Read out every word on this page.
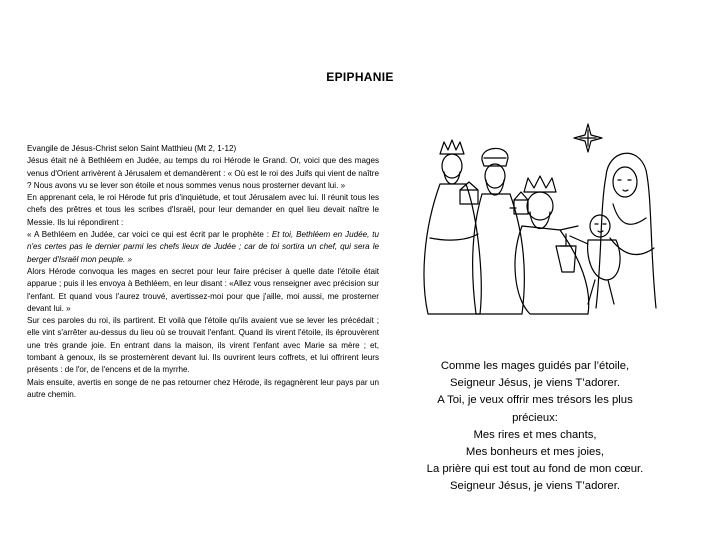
EPIPHANIE

Evangile de Jésus-Christ selon Saint Matthieu (Mt 2, 1-12)

Jésus était né à Bethléem en Judée, au temps du roi Hérode le Grand. Or, voici que des mages venus d'Orient arrivèrent à Jérusalem et demandèrent : « Où est le roi des Juifs qui vient de naître ? Nous avons vu se lever son étoile et nous sommes venus nous prosterner devant lui. »

En apprenant cela, le roi Hérode fut pris d'inquiétude, et tout Jérusalem avec lui. Il réunit tous les chefs des prêtres et tous les scribes d'Israël, pour leur demander en quel lieu devait naître le Messie. Ils lui répondirent :

« A Bethléem en Judée, car voici ce qui est écrit par le prophète : Et toi, Bethléem en Judée, tu n'es certes pas le dernier parmi les chefs lieux de Judée ; car de toi sortira un chef, qui sera le berger d'Israël mon peuple. »

Alors Hérode convoqua les mages en secret pour leur faire préciser à quelle date l'étoile était apparue ; puis il les envoya à Bethléem, en leur disant : «Allez vous renseigner avec précision sur l'enfant. Et quand vous l'aurez trouvé, avertissez-moi pour que j'aille, moi aussi, me prosterner devant lui. »

Sur ces paroles du roi, ils partirent. Et voilà que l'étoile qu'ils avaient vue se lever les précédait ; elle vint s'arrêter au-dessus du lieu où se trouvait l'enfant. Quand ils virent l'étoile, ils éprouvèrent une très grande joie. En entrant dans la maison, ils virent l'enfant avec Marie sa mère ; et, tombant à genoux, ils se prosternèrent devant lui. Ils ouvrirent leurs coffrets, et lui offrirent leurs présents : de l'or, de l'encens et de la myrrhe.

Mais ensuite, avertis en songe de ne pas retourner chez Hérode, ils regagnèrent leur pays par un autre chemin.

Comme les mages guidés par l’étoile,
Seigneur Jésus, je viens T’adorer.
A Toi, je veux offrir mes trésors les plus
précieux:
Mes rires et mes chants,
Mes bonheurs et mes joies,
La prière qui est tout au fond de mon cœur.
Seigneur Jésus, je viens T’adorer.
